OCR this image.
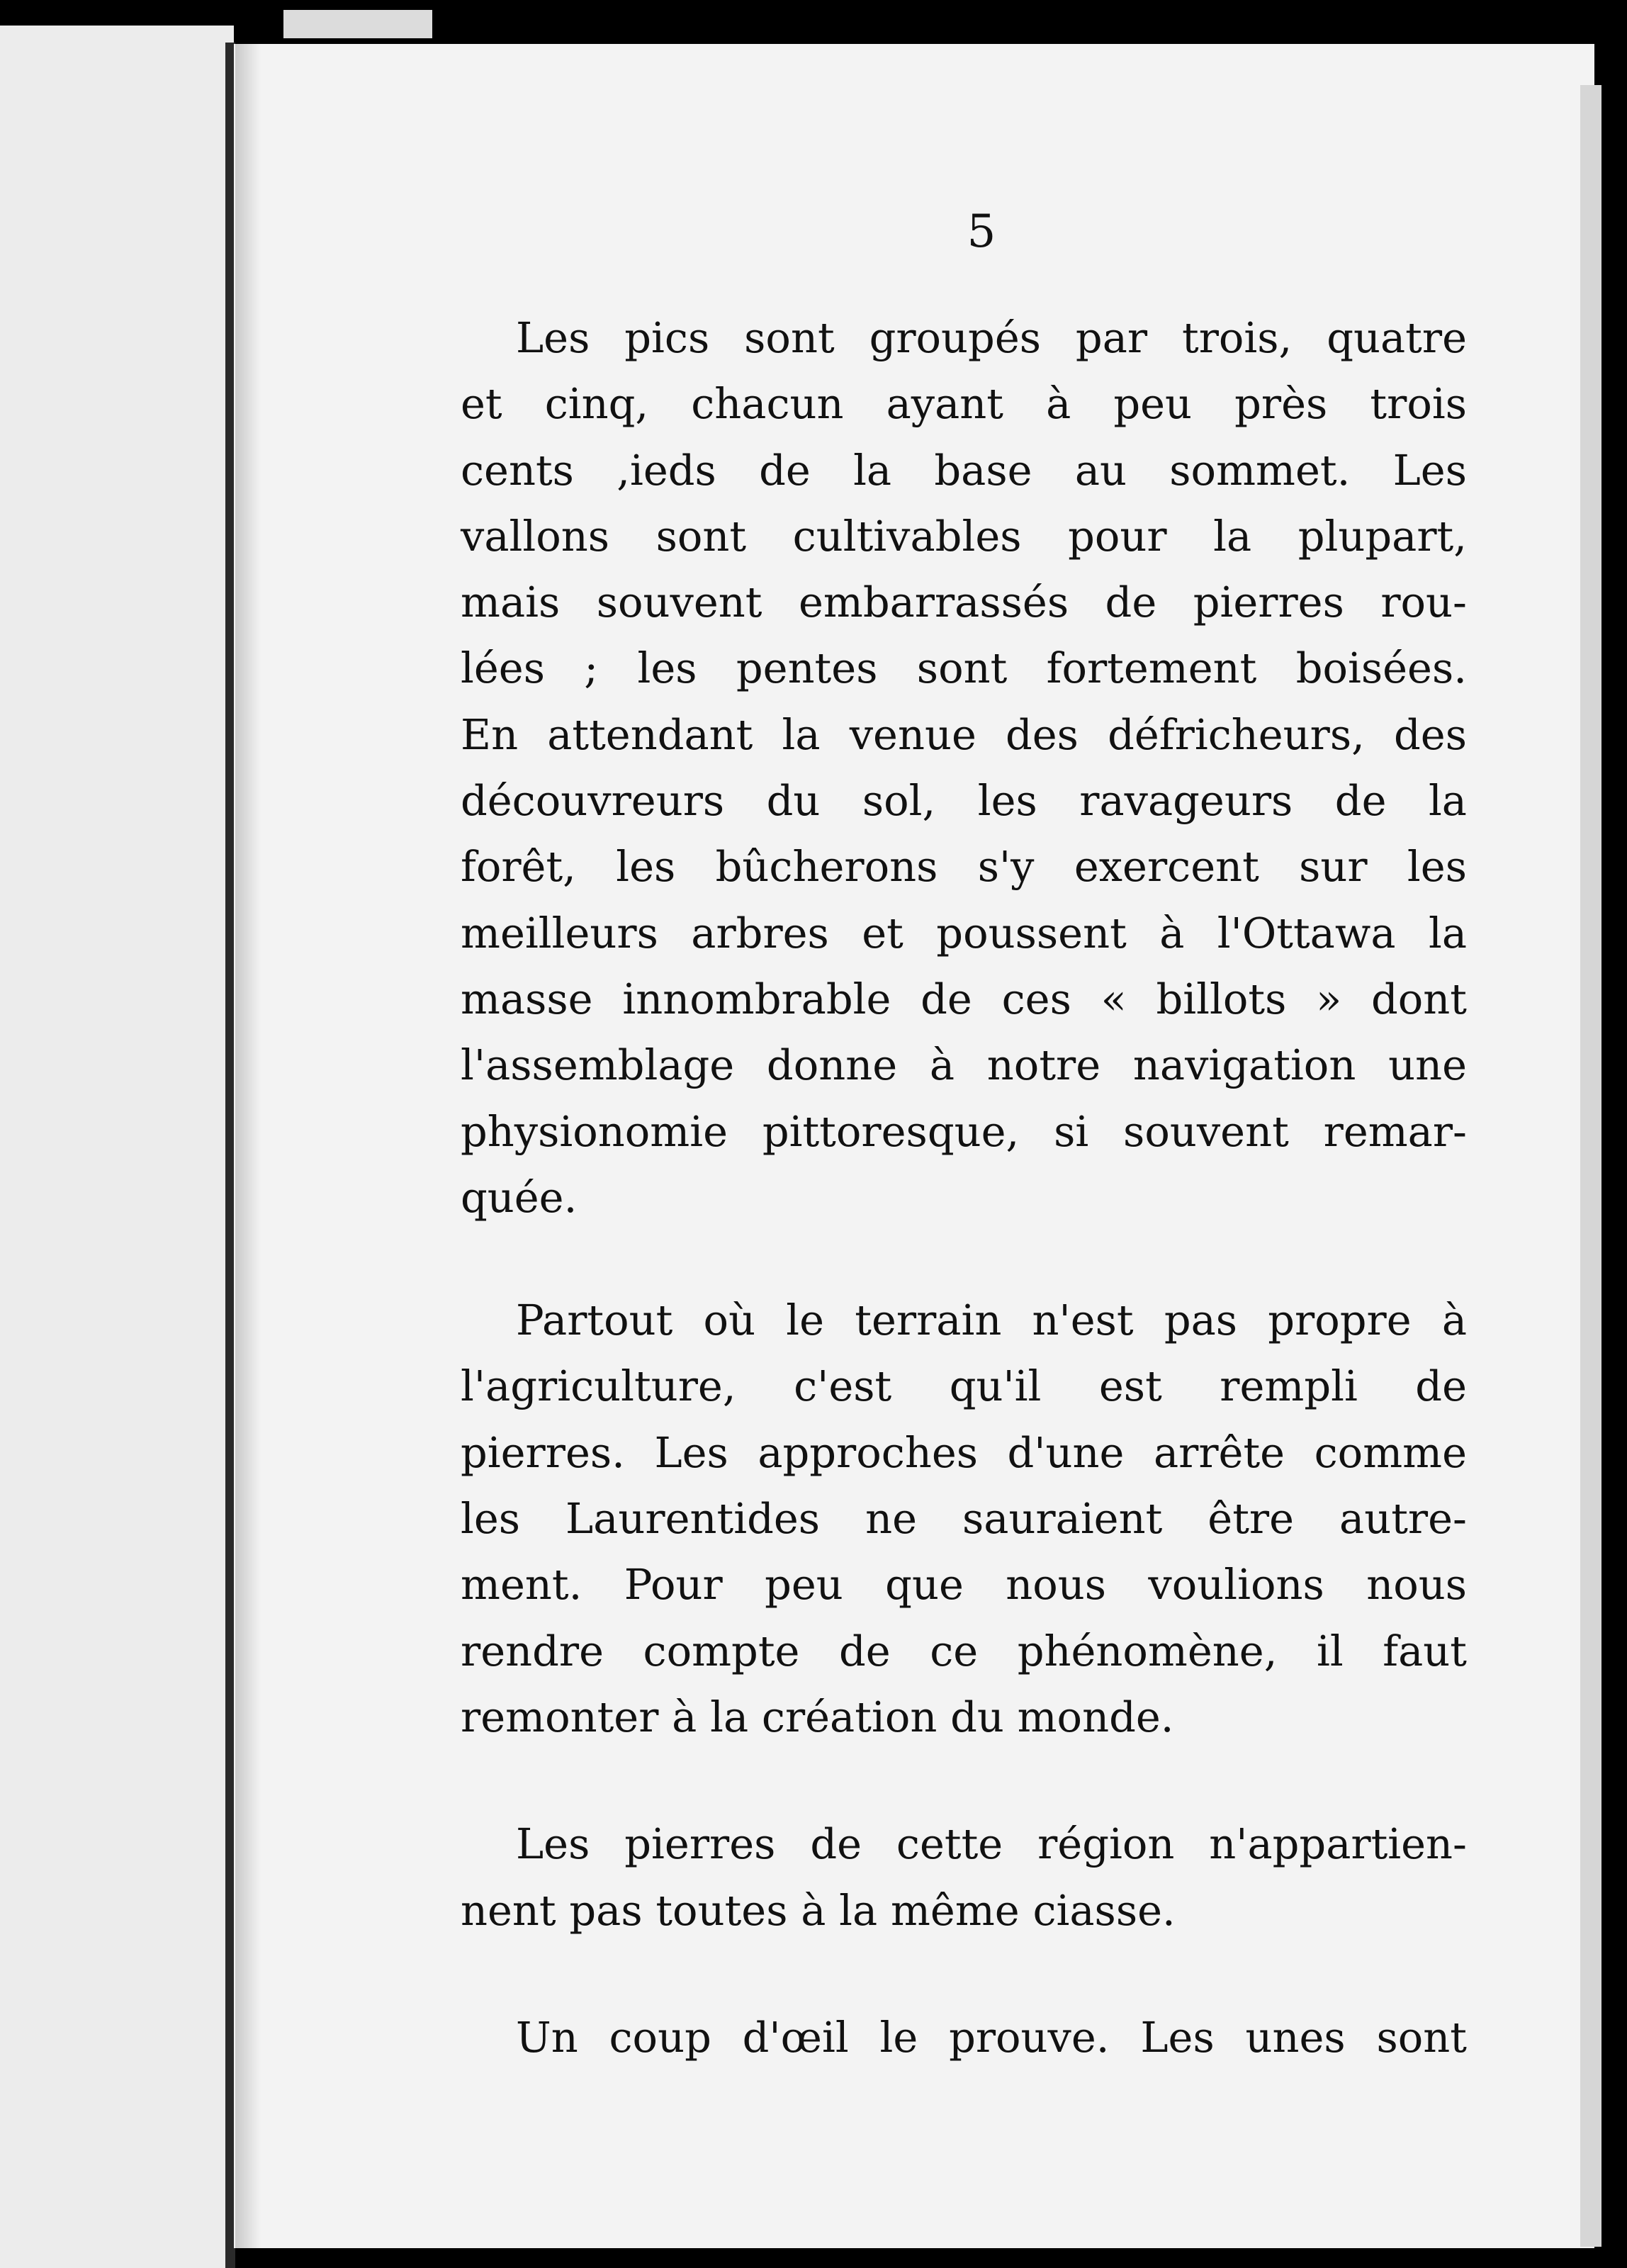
5

Les pics sont groupés par trois, quatre
et cinq, chacun ayant à peu près trois
cents ,ieds de la base au sommet. Les
vallons sont cultivables pour la plupart,
mais souvent embarrassés de pierres rou-
lées ; les pentes sont fortement boisées.
En attendant la venue des défricheurs, des
découvreurs du sol, les ravageurs de la
forêt, les bûcherons s'y exercent sur les
meilleurs arbres et poussent à l'Ottawa la
masse innombrable de ces « billots » dont
l'assemblage donne à notre navigation une
physionomie pittoresque, si souvent remar-
quée.

Partout où le terrain n'est pas propre à
l'agriculture, c'est qu'il est rempli de
pierres. Les approches d'une arrête comme
les Laurentides ne sauraient être autre-
ment. Pour peu que nous voulions nous
rendre compte de ce phénomène, il faut
remonter à la création du monde.

Les pierres de cette région n'appartien-
nent pas toutes à la même ciasse.

Un coup d'œil le prouve. Les unes sont
